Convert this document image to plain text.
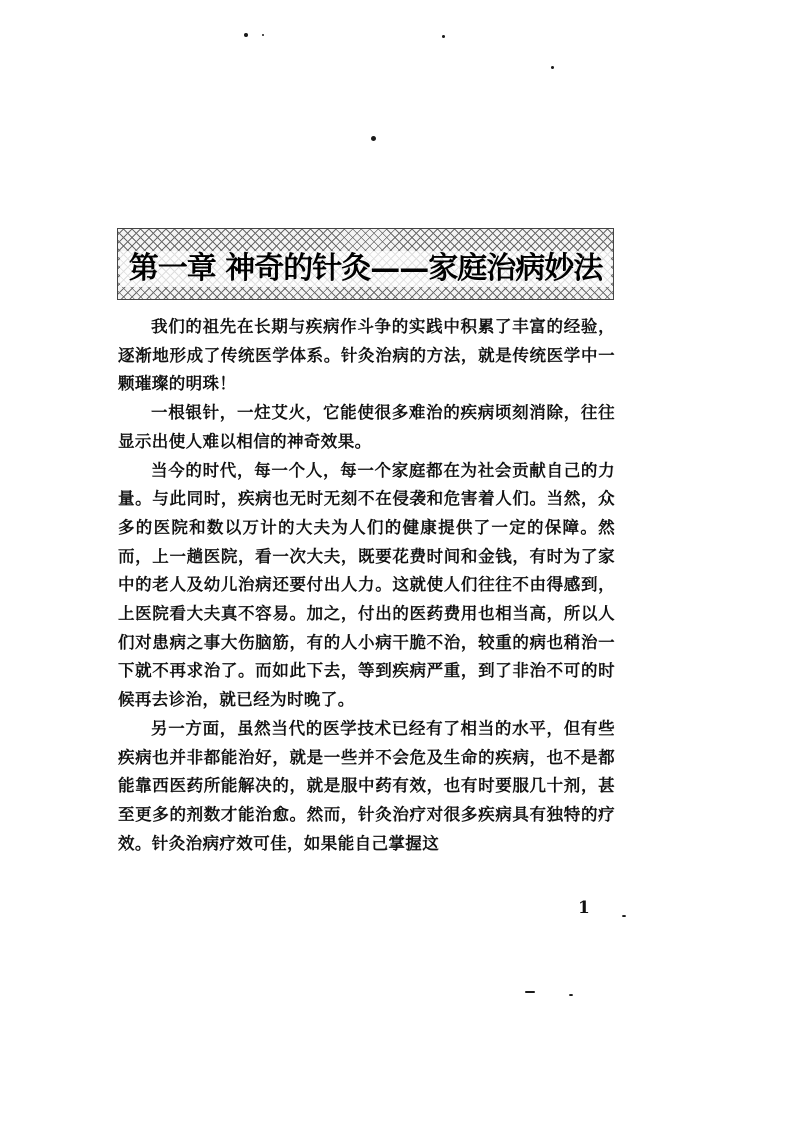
第一章 神奇的针灸——家庭治病妙法

我们的祖先在长期与疾病作斗争的实践中积累了丰富的经验，逐渐地形成了传统医学体系。针灸治病的方法，就是传统医学中一颗璀璨的明珠！

一根银针，一炷艾火，它能使很多难治的疾病顷刻消除，往往显示出使人难以相信的神奇效果。

当今的时代，每一个人，每一个家庭都在为社会贡献自己的力量。与此同时，疾病也无时无刻不在侵袭和危害着人们。当然，众多的医院和数以万计的大夫为人们的健康提供了一定的保障。然而，上一趟医院，看一次大夫，既要花费时间和金钱，有时为了家中的老人及幼儿治病还要付出人力。这就使人们往往不由得感到，上医院看大夫真不容易。加之，付出的医药费用也相当高，所以人们对患病之事大伤脑筋，有的人小病干脆不治，较重的病也稍治一下就不再求治了。而如此下去，等到疾病严重，到了非治不可的时候再去诊治，就已经为时晚了。

另一方面，虽然当代的医学技术已经有了相当的水平，但有些疾病也并非都能治好，就是一些并不会危及生命的疾病，也不是都能靠西医药所能解决的，就是服中药有效，也有时要服几十剂，甚至更多的剂数才能治愈。然而，针灸治疗对很多疾病具有独特的疗效。针灸治病疗效可佳，如果能自己掌握这

1
